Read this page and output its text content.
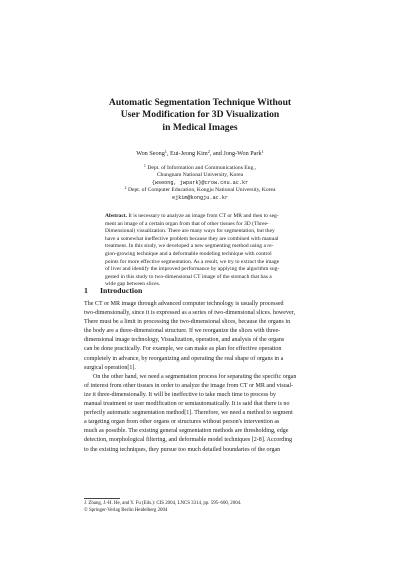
Automatic Segmentation Technique Without
User Modification for 3D Visualization
in Medical Images
Won Seong$^1$, Eui-Jeong Kim$^2$, and Jong-Won Park$^1$
$^1$ Dept. of Information and Communications Eng.,
Chungnam National University, Korea
{wseong, jwpark}@crow.cnu.ac.kr
$^2$ Dept. of Computer Education, Kongju National University, Korea
ejkim@kongju.ac.kr
Abstract. It is necessary to analyze an image from CT or MR and then to seg-
ment an image of a certain organ from that of other tissues for 3D (Three-
Dimensional) visualization. There are many ways for segmentation, but they
have a somewhat ineffective problem because they are combined with manual
treatment. In this study, we developed a new segmenting method using a re-
gion-growing technique and a deformable modeling technique with control
points for more effective segmentation. As a result, we try to extract the image
of liver and identify the improved performance by applying the algorithm sug-
gested in this study to two-dimensional CT image of the stomach that has a
wide gap between slices.
1 Introduction
The CT or MR image through advanced computer technology is usually processed
two-dimensionally, since it is expressed as a series of two-dimensional slices. however,
There must be a limit in processing the two-dimensional slices, because the organs in
the body are a three-dimensional structure. If we reorganize the slices with three-
dimensional image technology, Visualization, operation, and analysis of the organs
can be done practically. For example, we can make as plan for effective operation
completely in advance, by reorganizing and operating the real shape of organs in a
surgical operation[1].
On the other hand, we need a segmentation process for separating the specific organ
of interest from other tissues in order to analyze the image from CT or MR and visual-
ize it three-dimensionally. It will be ineffective to take much time to process by
manual treatment or user modification or semiautomatically. It is said that there is no
perfectly automatic segmentation method[1]. Therefore, we need a method to segment
a targeting organ from other organs or structures without person's intervention as
much as possible. The existing general segmentation methods are thresholding, edge
detection, morphological filtering, and deformable model techniques [2-8]. According
to the existing techniques, they pursue too much detailed boundaries of the organ
J. Zhang, J.-H. He, and Y. Fu (Eds.): CIS 2004, LNCS 3314, pp. 595–600, 2004.
© Springer-Verlag Berlin Heidelberg 2004
